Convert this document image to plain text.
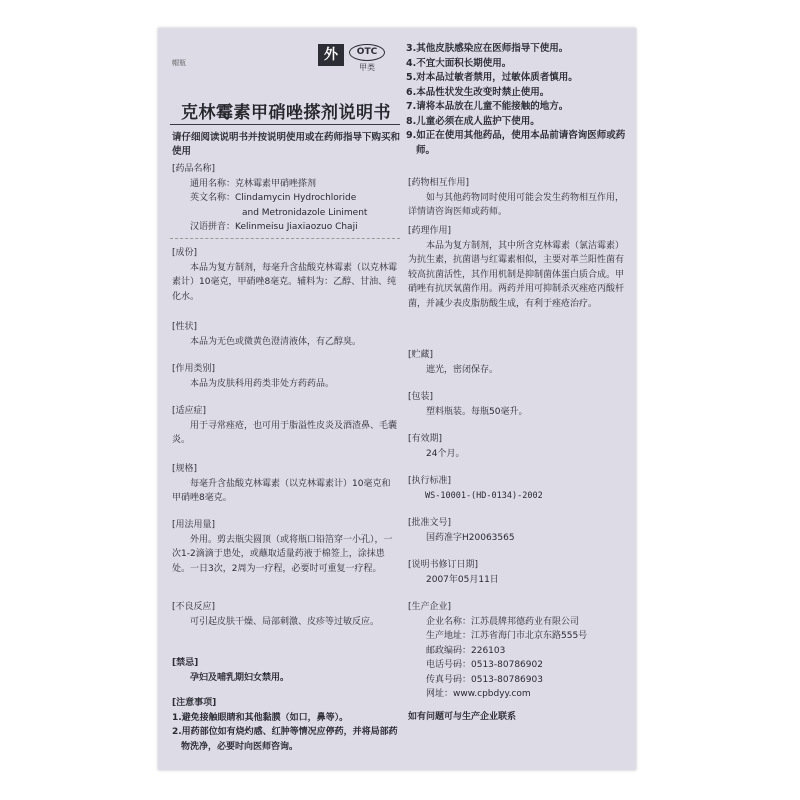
帽瓶	外	OTC
甲类
克林霉素甲硝唑搽剂说明书
请仔细阅读说明书并按说明使用或在药师指导下购买和使用
[药品名称]
通用名称：克林霉素甲硝唑搽剂
英文名称：Clindamycin Hydrochloride
and Metronidazole Liniment
汉语拼音：Kelinmeisu Jiaxiaozuo Chaji
[成份]
本品为复方制剂，每毫升含盐酸克林霉素（以克林霉素计）10毫克，甲硝唑8毫克。辅料为：乙醇、甘油、纯化水。
[性状]
本品为无色或微黄色澄清液体，有乙醇臭。
[作用类别]
本品为皮肤科用药类非处方药药品。
[适应症]
用于寻常痤疮，也可用于脂溢性皮炎及酒渣鼻、毛囊炎。
[规格]
每毫升含盐酸克林霉素（以克林霉素计）10毫克和甲硝唑8毫克。
[用法用量]
外用。剪去瓶尖圆顶（或将瓶口铅箔穿一小孔），一次1-2滴滴于患处，或蘸取适量药液于棉签上，涂抹患处。一日3次，2周为一疗程，必要时可重复一疗程。
[不良反应]
可引起皮肤干燥、局部刺激、皮疹等过敏反应。
[禁忌]
孕妇及哺乳期妇女禁用。
[注意事项]
1.避免接触眼睛和其他黏膜（如口，鼻等）。
2.用药部位如有烧灼感、红肿等情况应停药，并将局部药物洗净，必要时向医师咨询。
3.其他皮肤感染应在医师指导下使用。
4.不宜大面积长期使用。
5.对本品过敏者禁用，过敏体质者慎用。
6.本品性状发生改变时禁止使用。
7.请将本品放在儿童不能接触的地方。
8.儿童必须在成人监护下使用。
9.如正在使用其他药品，使用本品前请咨询医师或药师。
[药物相互作用]
如与其他药物同时使用可能会发生药物相互作用，详情请咨询医师或药师。
[药理作用]
本品为复方制剂，其中所含克林霉素（氯洁霉素）为抗生素，抗菌谱与红霉素相似，主要对革兰阳性菌有较高抗菌活性，其作用机制是抑制菌体蛋白质合成。甲硝唑有抗厌氧菌作用。两药并用可抑制杀灭痤疮丙酸杆菌，并减少表皮脂肪酸生成，有利于痤疮治疗。
[贮藏]
遮光，密闭保存。
[包装]
塑料瓶装。每瓶50毫升。
[有效期]
24个月。
[执行标准]
WS-10001-(HD-0134)-2002
[批准文号]
国药准字H20063565
[说明书修订日期]
2007年05月11日
[生产企业]
企业名称：江苏晨牌邦德药业有限公司
生产地址：江苏省海门市北京东路555号
邮政编码：226103
电话号码：0513-80786902
传真号码：0513-80786903
网址：www.cpbdyy.com
如有问题可与生产企业联系
